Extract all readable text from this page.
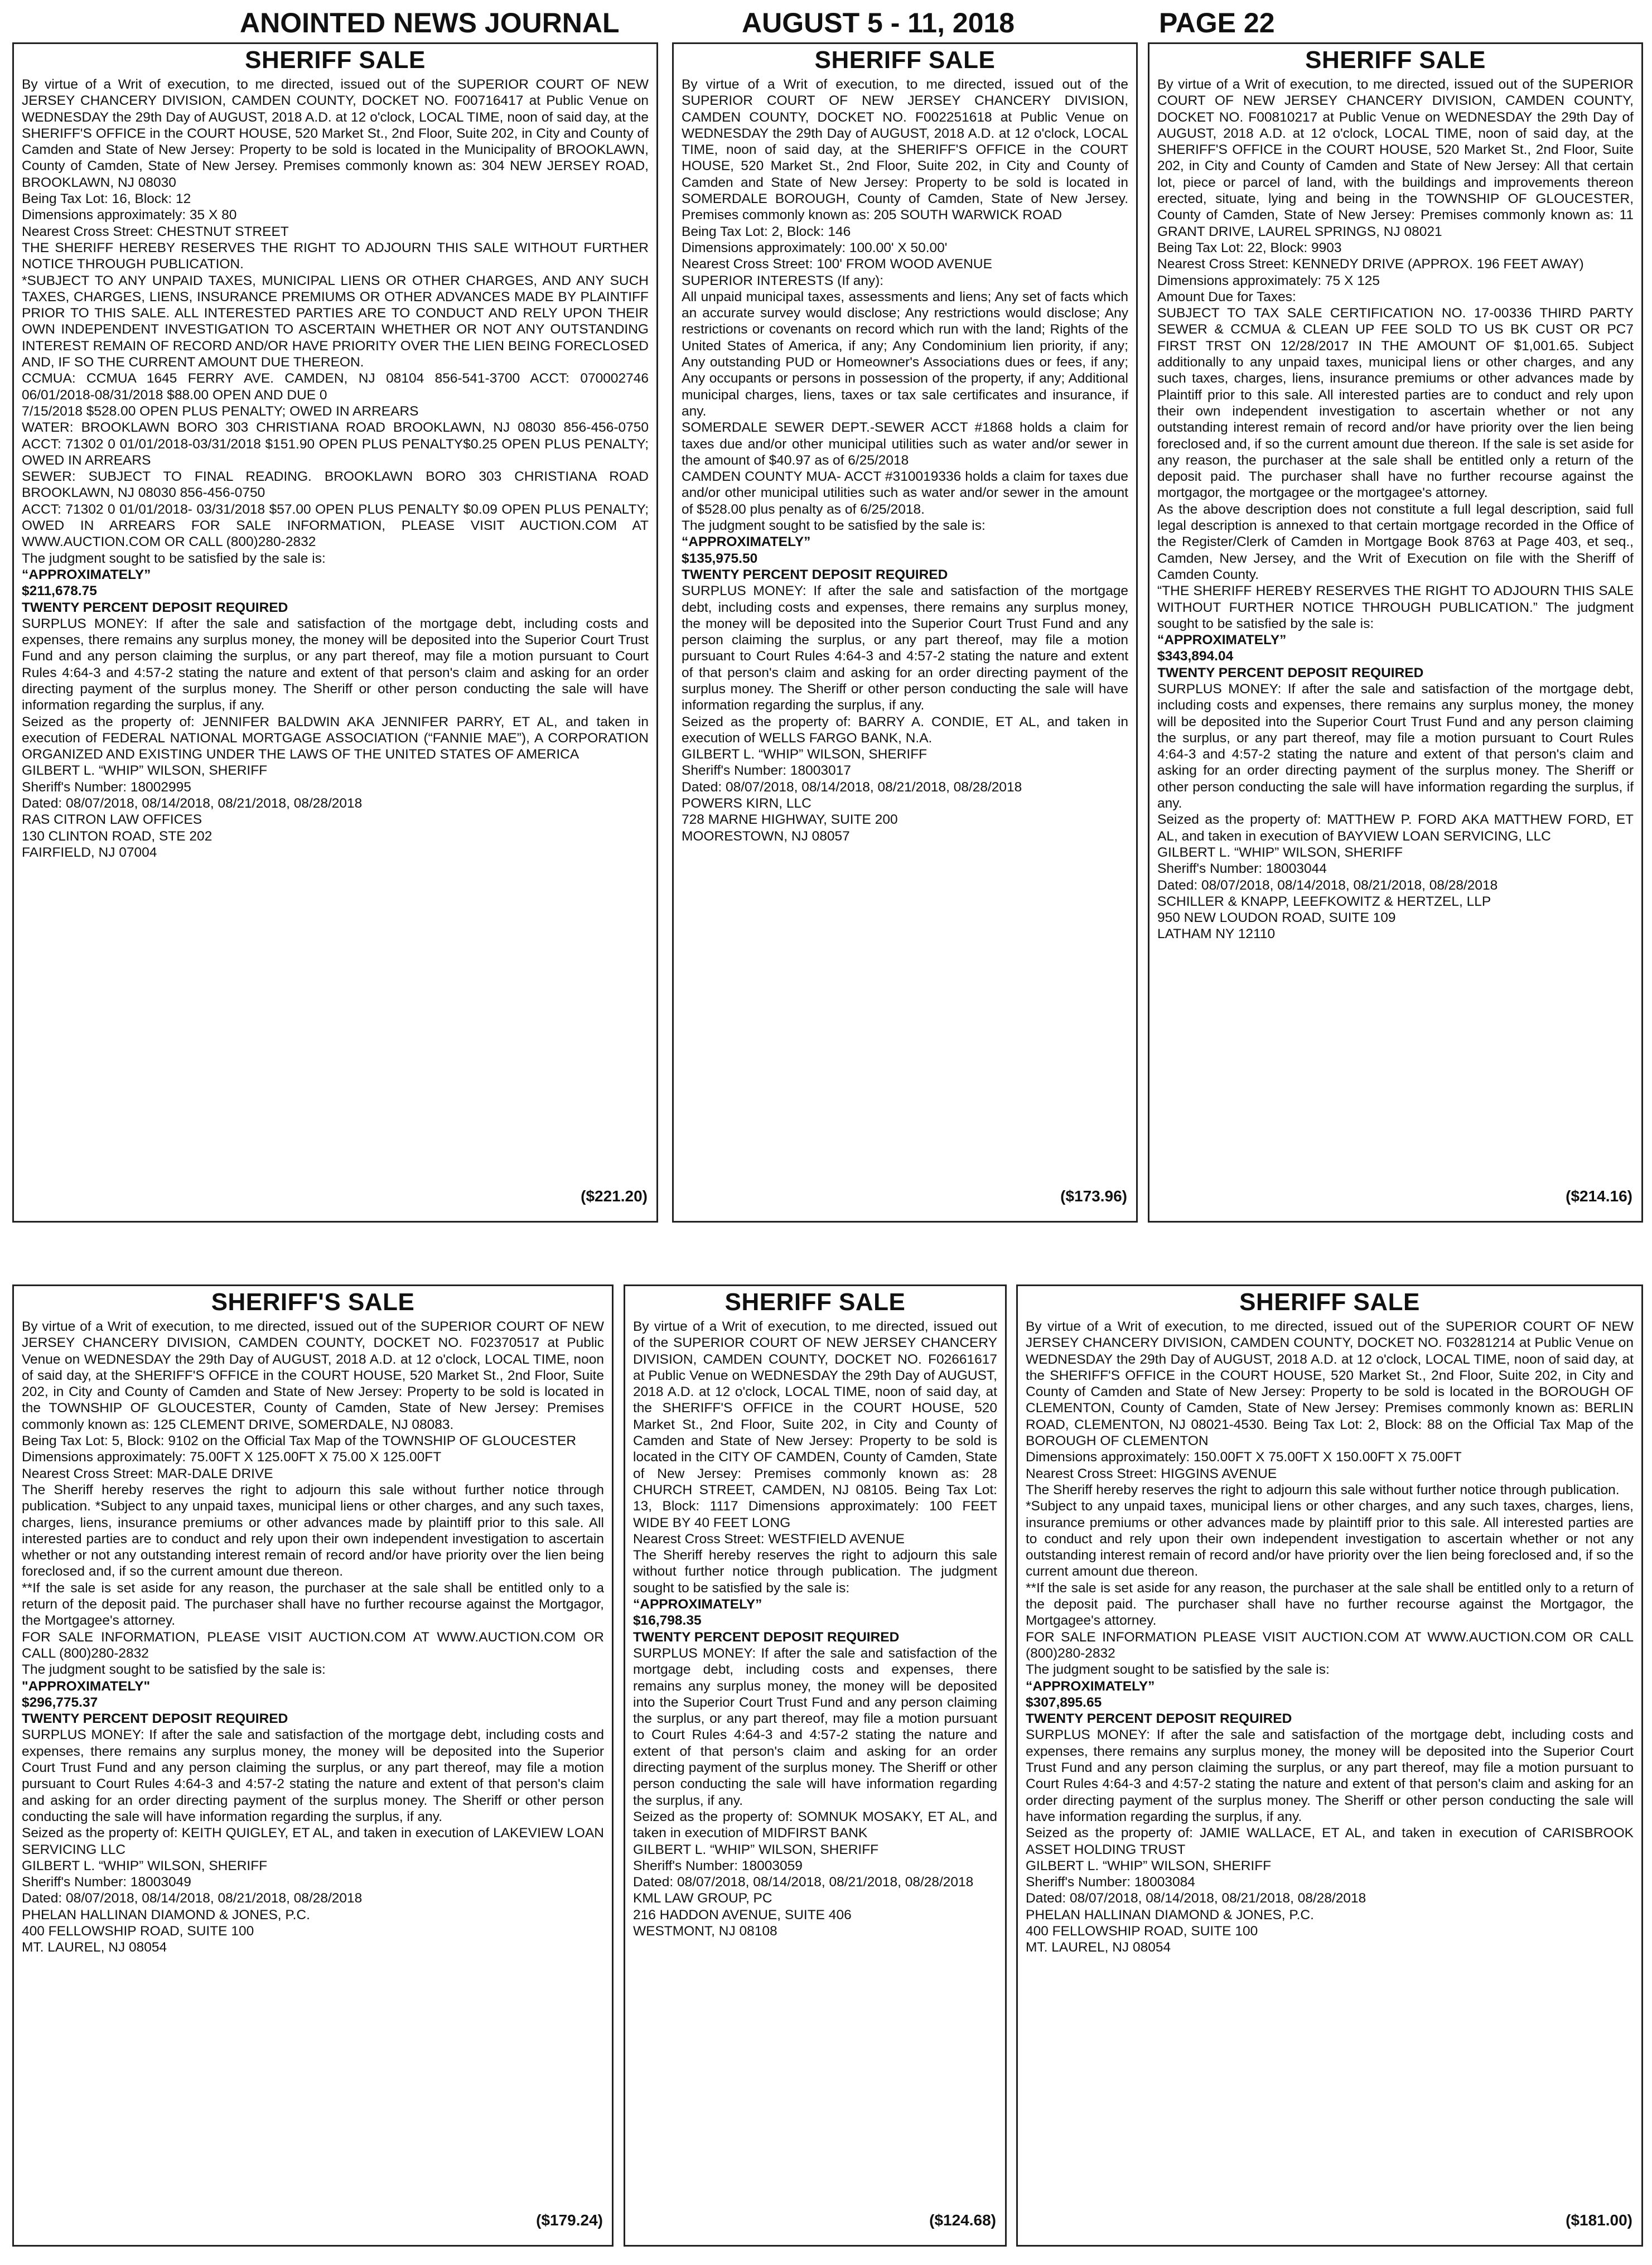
ANOINTED NEWS JOURNAL	AUGUST 5 - 11, 2018	PAGE 22
SHERIFF SALE

By virtue of a Writ of execution, to me directed, issued out of the SUPERIOR COURT OF NEW JERSEY CHANCERY DIVISION, CAMDEN COUNTY, DOCKET NO. F00716417 at Public Venue on WEDNESDAY the 29th Day of AUGUST, 2018 A.D. at 12 o'clock, LOCAL TIME, noon of said day, at the SHERIFF'S OFFICE in the COURT HOUSE, 520 Market St., 2nd Floor, Suite 202, in City and County of Camden and State of New Jersey: Property to be sold is located in the Municipality of BROOKLAWN, County of Camden, State of New Jersey. Premises commonly known as: 304 NEW JERSEY ROAD, BROOKLAWN, NJ 08030

Being Tax Lot: 16, Block: 12

Dimensions approximately: 35 X 80

Nearest Cross Street: CHESTNUT STREET

THE SHERIFF HEREBY RESERVES THE RIGHT TO ADJOURN THIS SALE WITHOUT FURTHER NOTICE THROUGH PUBLICATION.

*SUBJECT TO ANY UNPAID TAXES, MUNICIPAL LIENS OR OTHER CHARGES, AND ANY SUCH TAXES, CHARGES, LIENS, INSURANCE PREMIUMS OR OTHER ADVANCES MADE BY PLAINTIFF PRIOR TO THIS SALE. ALL INTERESTED PARTIES ARE TO CONDUCT AND RELY UPON THEIR OWN INDEPENDENT INVESTIGATION TO ASCERTAIN WHETHER OR NOT ANY OUTSTANDING INTEREST REMAIN OF RECORD AND/OR HAVE PRIORITY OVER THE LIEN BEING FORECLOSED AND, IF SO THE CURRENT AMOUNT DUE THEREON.

CCMUA: CCMUA 1645 FERRY AVE. CAMDEN, NJ 08104 856-541-3700 ACCT: 070002746 06/01/2018-08/31/2018 $88.00 OPEN AND DUE 0

7/15/2018 $528.00 OPEN PLUS PENALTY; OWED IN ARREARS

WATER: BROOKLAWN BORO 303 CHRISTIANA ROAD BROOKLAWN, NJ 08030 856-456-0750 ACCT: 71302 0 01/01/2018-03/31/2018 $151.90 OPEN PLUS PENALTY$0.25 OPEN PLUS PENALTY; OWED IN ARREARS

SEWER: SUBJECT TO FINAL READING. BROOKLAWN BORO 303 CHRISTIANA ROAD BROOKLAWN, NJ 08030 856-456-0750

ACCT: 71302 0 01/01/2018- 03/31/2018 $57.00 OPEN PLUS PENALTY $0.09 OPEN PLUS PENALTY; OWED IN ARREARS FOR SALE INFORMATION, PLEASE VISIT AUCTION.COM AT WWW.AUCTION.COM OR CALL (800)280-2832

The judgment sought to be satisfied by the sale is:

“APPROXIMATELY”

$211,678.75

TWENTY PERCENT DEPOSIT REQUIRED

SURPLUS MONEY: If after the sale and satisfaction of the mortgage debt, including costs and expenses, there remains any surplus money, the money will be deposited into the Superior Court Trust Fund and any person claiming the surplus, or any part thereof, may file a motion pursuant to Court Rules 4:64-3 and 4:57-2 stating the nature and extent of that person's claim and asking for an order directing payment of the surplus money. The Sheriff or other person conducting the sale will have information regarding the surplus, if any.

Seized as the property of: JENNIFER BALDWIN AKA JENNIFER PARRY, ET AL, and taken in execution of FEDERAL NATIONAL MORTGAGE ASSOCIATION (“FANNIE MAE”), A CORPORATION ORGANIZED AND EXISTING UNDER THE LAWS OF THE UNITED STATES OF AMERICA

GILBERT L. “WHIP” WILSON, SHERIFF

Sheriff's Number: 18002995

Dated: 08/07/2018, 08/14/2018, 08/21/2018, 08/28/2018

RAS CITRON LAW OFFICES

130 CLINTON ROAD, STE 202

FAIRFIELD, NJ 07004

($221.20)
SHERIFF SALE

By virtue of a Writ of execution, to me directed, issued out of the SUPERIOR COURT OF NEW JERSEY CHANCERY DIVISION, CAMDEN COUNTY, DOCKET NO. F002251618 at Public Venue on WEDNESDAY the 29th Day of AUGUST, 2018 A.D. at 12 o'clock, LOCAL TIME, noon of said day, at the SHERIFF'S OFFICE in the COURT HOUSE, 520 Market St., 2nd Floor, Suite 202, in City and County of Camden and State of New Jersey: Property to be sold is located in SOMERDALE BOROUGH, County of Camden, State of New Jersey. Premises commonly known as: 205 SOUTH WARWICK ROAD

Being Tax Lot: 2, Block: 146

Dimensions approximately: 100.00' X 50.00'

Nearest Cross Street: 100' FROM WOOD AVENUE

SUPERIOR INTERESTS (If any):

All unpaid municipal taxes, assessments and liens; Any set of facts which an accurate survey would disclose; Any restrictions would disclose; Any restrictions or covenants on record which run with the land; Rights of the United States of America, if any; Any Condominium lien priority, if any; Any outstanding PUD or Homeowner's Associations dues or fees, if any; Any occupants or persons in possession of the property, if any; Additional municipal charges, liens, taxes or tax sale certificates and insurance, if any.

SOMERDALE SEWER DEPT.-SEWER ACCT #1868 holds a claim for taxes due and/or other municipal utilities such as water and/or sewer in the amount of $40.97 as of 6/25/2018

CAMDEN COUNTY MUA- ACCT #310019336 holds a claim for taxes due and/or other municipal utilities such as water and/or sewer in the amount of $528.00 plus penalty as of 6/25/2018.

The judgment sought to be satisfied by the sale is:

“APPROXIMATELY”

$135,975.50

TWENTY PERCENT DEPOSIT REQUIRED

SURPLUS MONEY: If after the sale and satisfaction of the mortgage debt, including costs and expenses, there remains any surplus money, the money will be deposited into the Superior Court Trust Fund and any person claiming the surplus, or any part thereof, may file a motion pursuant to Court Rules 4:64-3 and 4:57-2 stating the nature and extent of that person's claim and asking for an order directing payment of the surplus money. The Sheriff or other person conducting the sale will have information regarding the surplus, if any.

Seized as the property of: BARRY A. CONDIE, ET AL, and taken in execution of WELLS FARGO BANK, N.A.

GILBERT L. “WHIP” WILSON, SHERIFF

Sheriff's Number: 18003017

Dated: 08/07/2018, 08/14/2018, 08/21/2018, 08/28/2018

POWERS KIRN, LLC

728 MARNE HIGHWAY, SUITE 200

MOORESTOWN, NJ 08057

($173.96)
SHERIFF SALE

By virtue of a Writ of execution, to me directed, issued out of the SUPERIOR COURT OF NEW JERSEY CHANCERY DIVISION, CAMDEN COUNTY, DOCKET NO. F00810217 at Public Venue on WEDNESDAY the 29th Day of AUGUST, 2018 A.D. at 12 o'clock, LOCAL TIME, noon of said day, at the SHERIFF'S OFFICE in the COURT HOUSE, 520 Market St., 2nd Floor, Suite 202, in City and County of Camden and State of New Jersey: All that certain lot, piece or parcel of land, with the buildings and improvements thereon erected, situate, lying and being in the TOWNSHIP OF GLOUCESTER, County of Camden, State of New Jersey: Premises commonly known as: 11 GRANT DRIVE, LAUREL SPRINGS, NJ 08021

Being Tax Lot: 22, Block: 9903

Nearest Cross Street: KENNEDY DRIVE (APPROX. 196 FEET AWAY)

Dimensions approximately: 75 X 125

Amount Due for Taxes:

SUBJECT TO TAX SALE CERTIFICATION NO. 17-00336 THIRD PARTY SEWER & CCMUA & CLEAN UP FEE SOLD TO US BK CUST OR PC7 FIRST TRST ON 12/28/2017 IN THE AMOUNT OF $1,001.65. Subject additionally to any unpaid taxes, municipal liens or other charges, and any such taxes, charges, liens, insurance premiums or other advances made by Plaintiff prior to this sale. All interested parties are to conduct and rely upon their own independent investigation to ascertain whether or not any outstanding interest remain of record and/or have priority over the lien being foreclosed and, if so the current amount due thereon. If the sale is set aside for any reason, the purchaser at the sale shall be entitled only a return of the deposit paid. The purchaser shall have no further recourse against the mortgagor, the mortgagee or the mortgagee's attorney.

As the above description does not constitute a full legal description, said full legal description is annexed to that certain mortgage recorded in the Office of the Register/Clerk of Camden in Mortgage Book 8763 at Page 403, et seq., Camden, New Jersey, and the Writ of Execution on file with the Sheriff of Camden County.

“THE SHERIFF HEREBY RESERVES THE RIGHT TO ADJOURN THIS SALE WITHOUT FURTHER NOTICE THROUGH PUBLICATION.” The judgment sought to be satisfied by the sale is:

“APPROXIMATELY”

$343,894.04

TWENTY PERCENT DEPOSIT REQUIRED

SURPLUS MONEY: If after the sale and satisfaction of the mortgage debt, including costs and expenses, there remains any surplus money, the money will be deposited into the Superior Court Trust Fund and any person claiming the surplus, or any part thereof, may file a motion pursuant to Court Rules 4:64-3 and 4:57-2 stating the nature and extent of that person's claim and asking for an order directing payment of the surplus money. The Sheriff or other person conducting the sale will have information regarding the surplus, if any.

Seized as the property of: MATTHEW P. FORD AKA MATTHEW FORD, ET AL, and taken in execution of BAYVIEW LOAN SERVICING, LLC

GILBERT L. “WHIP” WILSON, SHERIFF

Sheriff's Number: 18003044

Dated: 08/07/2018, 08/14/2018, 08/21/2018, 08/28/2018

SCHILLER & KNAPP, LEEFKOWITZ & HERTZEL, LLP

950 NEW LOUDON ROAD, SUITE 109

LATHAM NY 12110

($214.16)
SHERIFF'S SALE

By virtue of a Writ of execution, to me directed, issued out of the SUPERIOR COURT OF NEW JERSEY CHANCERY DIVISION, CAMDEN COUNTY, DOCKET NO. F02370517 at Public Venue on WEDNESDAY the 29th Day of AUGUST, 2018 A.D. at 12 o'clock, LOCAL TIME, noon of said day, at the SHERIFF'S OFFICE in the COURT HOUSE, 520 Market St., 2nd Floor, Suite 202, in City and County of Camden and State of New Jersey: Property to be sold is located in the TOWNSHIP OF GLOUCESTER, County of Camden, State of New Jersey: Premises commonly known as: 125 CLEMENT DRIVE, SOMERDALE, NJ 08083.

Being Tax Lot: 5, Block: 9102 on the Official Tax Map of the TOWNSHIP OF GLOUCESTER

Dimensions approximately: 75.00FT X 125.00FT X 75.00 X 125.00FT

Nearest Cross Street: MAR-DALE DRIVE

The Sheriff hereby reserves the right to adjourn this sale without further notice through publication. *Subject to any unpaid taxes, municipal liens or other charges, and any such taxes, charges, liens, insurance premiums or other advances made by plaintiff prior to this sale. All interested parties are to conduct and rely upon their own independent investigation to ascertain whether or not any outstanding interest remain of record and/or have priority over the lien being foreclosed and, if so the current amount due thereon.

**If the sale is set aside for any reason, the purchaser at the sale shall be entitled only to a return of the deposit paid. The purchaser shall have no further recourse against the Mortgagor, the Mortgagee's attorney.

FOR SALE INFORMATION, PLEASE VISIT AUCTION.COM AT WWW.AUCTION.COM OR CALL (800)280-2832

The judgment sought to be satisfied by the sale is:

"APPROXIMATELY"

$296,775.37

TWENTY PERCENT DEPOSIT REQUIRED

SURPLUS MONEY: If after the sale and satisfaction of the mortgage debt, including costs and expenses, there remains any surplus money, the money will be deposited into the Superior Court Trust Fund and any person claiming the surplus, or any part thereof, may file a motion pursuant to Court Rules 4:64-3 and 4:57-2 stating the nature and extent of that person's claim and asking for an order directing payment of the surplus money. The Sheriff or other person conducting the sale will have information regarding the surplus, if any.

Seized as the property of: KEITH QUIGLEY, ET AL, and taken in execution of LAKEVIEW LOAN SERVICING LLC

GILBERT L. “WHIP” WILSON, SHERIFF

Sheriff's Number: 18003049

Dated: 08/07/2018, 08/14/2018, 08/21/2018, 08/28/2018

PHELAN HALLINAN DIAMOND & JONES, P.C.

400 FELLOWSHIP ROAD, SUITE 100

MT. LAUREL, NJ 08054

($179.24)
SHERIFF SALE

By virtue of a Writ of execution, to me directed, issued out of the SUPERIOR COURT OF NEW JERSEY CHANCERY DIVISION, CAMDEN COUNTY, DOCKET NO. F02661617 at Public Venue on WEDNESDAY the 29th Day of AUGUST, 2018 A.D. at 12 o'clock, LOCAL TIME, noon of said day, at the SHERIFF'S OFFICE in the COURT HOUSE, 520 Market St., 2nd Floor, Suite 202, in City and County of Camden and State of New Jersey: Property to be sold is located in the CITY OF CAMDEN, County of Camden, State of New Jersey: Premises commonly known as: 28 CHURCH STREET, CAMDEN, NJ 08105. Being Tax Lot: 13, Block: 1117 Dimensions approximately: 100 FEET WIDE BY 40 FEET LONG

Nearest Cross Street: WESTFIELD AVENUE

The Sheriff hereby reserves the right to adjourn this sale without further notice through publication. The judgment sought to be satisfied by the sale is:

“APPROXIMATELY”

$16,798.35

TWENTY PERCENT DEPOSIT REQUIRED

SURPLUS MONEY: If after the sale and satisfaction of the mortgage debt, including costs and expenses, there remains any surplus money, the money will be deposited into the Superior Court Trust Fund and any person claiming the surplus, or any part thereof, may file a motion pursuant to Court Rules 4:64-3 and 4:57-2 stating the nature and extent of that person's claim and asking for an order directing payment of the surplus money. The Sheriff or other person conducting the sale will have information regarding the surplus, if any.

Seized as the property of: SOMNUK MOSAKY, ET AL, and taken in execution of MIDFIRST BANK

GILBERT L. “WHIP” WILSON, SHERIFF

Sheriff's Number: 18003059

Dated: 08/07/2018, 08/14/2018, 08/21/2018, 08/28/2018

KML LAW GROUP, PC

216 HADDON AVENUE, SUITE 406

WESTMONT, NJ 08108

($124.68)
SHERIFF SALE

By virtue of a Writ of execution, to me directed, issued out of the SUPERIOR COURT OF NEW JERSEY CHANCERY DIVISION, CAMDEN COUNTY, DOCKET NO. F03281214 at Public Venue on WEDNESDAY the 29th Day of AUGUST, 2018 A.D. at 12 o'clock, LOCAL TIME, noon of said day, at the SHERIFF'S OFFICE in the COURT HOUSE, 520 Market St., 2nd Floor, Suite 202, in City and County of Camden and State of New Jersey: Property to be sold is located in the BOROUGH OF CLEMENTON, County of Camden, State of New Jersey: Premises commonly known as: BERLIN ROAD, CLEMENTON, NJ 08021-4530. Being Tax Lot: 2, Block: 88 on the Official Tax Map of the BOROUGH OF CLEMENTON

Dimensions approximately: 150.00FT X 75.00FT X 150.00FT X 75.00FT

Nearest Cross Street: HIGGINS AVENUE

The Sheriff hereby reserves the right to adjourn this sale without further notice through publication.

*Subject to any unpaid taxes, municipal liens or other charges, and any such taxes, charges, liens, insurance premiums or other advances made by plaintiff prior to this sale. All interested parties are to conduct and rely upon their own independent investigation to ascertain whether or not any outstanding interest remain of record and/or have priority over the lien being foreclosed and, if so the current amount due thereon.

**If the sale is set aside for any reason, the purchaser at the sale shall be entitled only to a return of the deposit paid. The purchaser shall have no further recourse against the Mortgagor, the Mortgagee's attorney.

FOR SALE INFORMATION PLEASE VISIT AUCTION.COM AT WWW.AUCTION.COM OR CALL (800)280-2832

The judgment sought to be satisfied by the sale is:

“APPROXIMATELY”

$307,895.65

TWENTY PERCENT DEPOSIT REQUIRED

SURPLUS MONEY: If after the sale and satisfaction of the mortgage debt, including costs and expenses, there remains any surplus money, the money will be deposited into the Superior Court Trust Fund and any person claiming the surplus, or any part thereof, may file a motion pursuant to Court Rules 4:64-3 and 4:57-2 stating the nature and extent of that person's claim and asking for an order directing payment of the surplus money. The Sheriff or other person conducting the sale will have information regarding the surplus, if any.

Seized as the property of: JAMIE WALLACE, ET AL, and taken in execution of CARISBROOK ASSET HOLDING TRUST

GILBERT L. “WHIP” WILSON, SHERIFF

Sheriff's Number: 18003084

Dated: 08/07/2018, 08/14/2018, 08/21/2018, 08/28/2018

PHELAN HALLINAN DIAMOND & JONES, P.C.

400 FELLOWSHIP ROAD, SUITE 100

MT. LAUREL, NJ 08054

($181.00)
